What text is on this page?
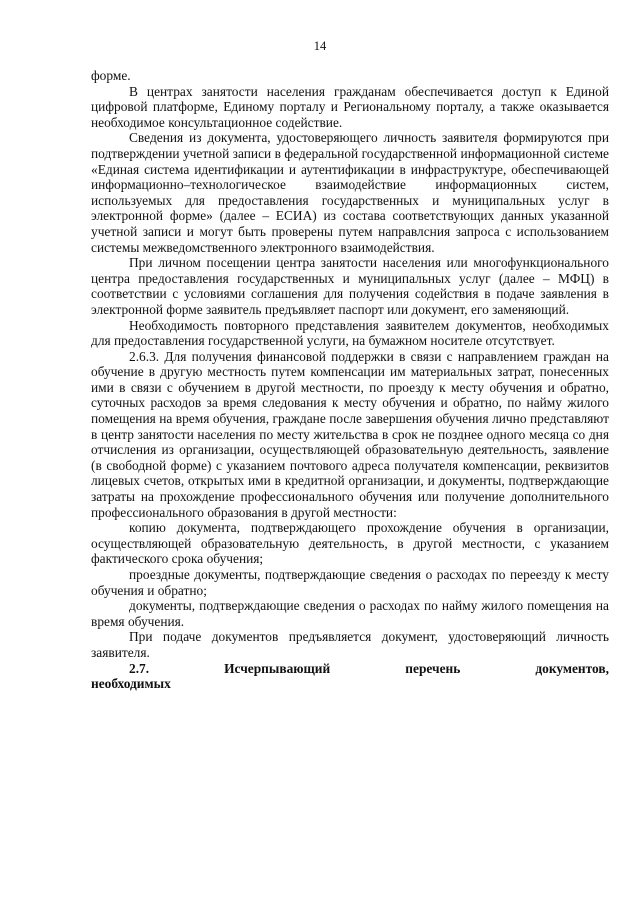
14

форме.

В центрах занятости населения гражданам обеспечивается доступ к Единой цифровой платформе, Единому порталу и Региональному порталу, а также оказывается необходимое консультационное содействие.

Сведения из документа, удостоверяющего личность заявителя формируются при подтверждении учетной записи в федеральной государственной информационной системе «Единая система идентификации и аутентификации в инфраструктуре, обеспечивающей информационно–технологическое взаимодействие информационных систем, используемых для предоставления государственных и муниципальных услуг в электронной форме» (далее – ЕСИА) из состава соответствующих данных указанной учетной записи и могут быть проверены путем направлсния запроса с использованием системы межведомственного электронного взаимодействия.

При личном посещении центра занятости населения или многофункционального центра предоставления государственных и муниципальных услуг (далее – МФЦ) в соответствии с условиями соглашения для получения содействия в подаче заявления в электронной форме заявитель предъявляет паспорт или документ, его заменяющий.

Необходимость повторного представления заявителем документов, необходимых для предоставления государственной услуги, на бумажном носителе отсутствует.

2.6.3. Для получения финансовой поддержки в связи с направлением граждан на обучение в другую местность путем компенсации им материальных затрат, понесенных ими в связи с обучением в другой местности, по проезду к месту обучения и обратно, суточных расходов за время следования к месту обучения и обратно, по найму жилого помещения на время обучения, граждане после завершения обучения лично представляют в центр занятости населения по месту жительства в срок не позднее одного месяца со дня отчисления из организации, осуществляющей образовательную деятельность, заявление (в свободной форме) с указанием почтового адреса получателя компенсации, реквизитов лицевых счетов, открытых ими в кредитной организации, и документы, подтверждающие затраты на прохождение профессионального обучения или получение дополнительного профессионального образования в другой местности:

копию документа, подтверждающего прохождение обучения в организации, осуществляющей образовательную деятельность, в другой местности, с указанием фактического срока обучения;

проездные документы, подтверждающие сведения о расходах по переезду к месту обучения и обратно;

документы, подтверждающие сведения о расходах по найму жилого помещения на время обучения.

При подаче документов предъявляется документ, удостоверяющий личность заявителя.

2.7. Исчерпывающий перечень документов, необходимых
